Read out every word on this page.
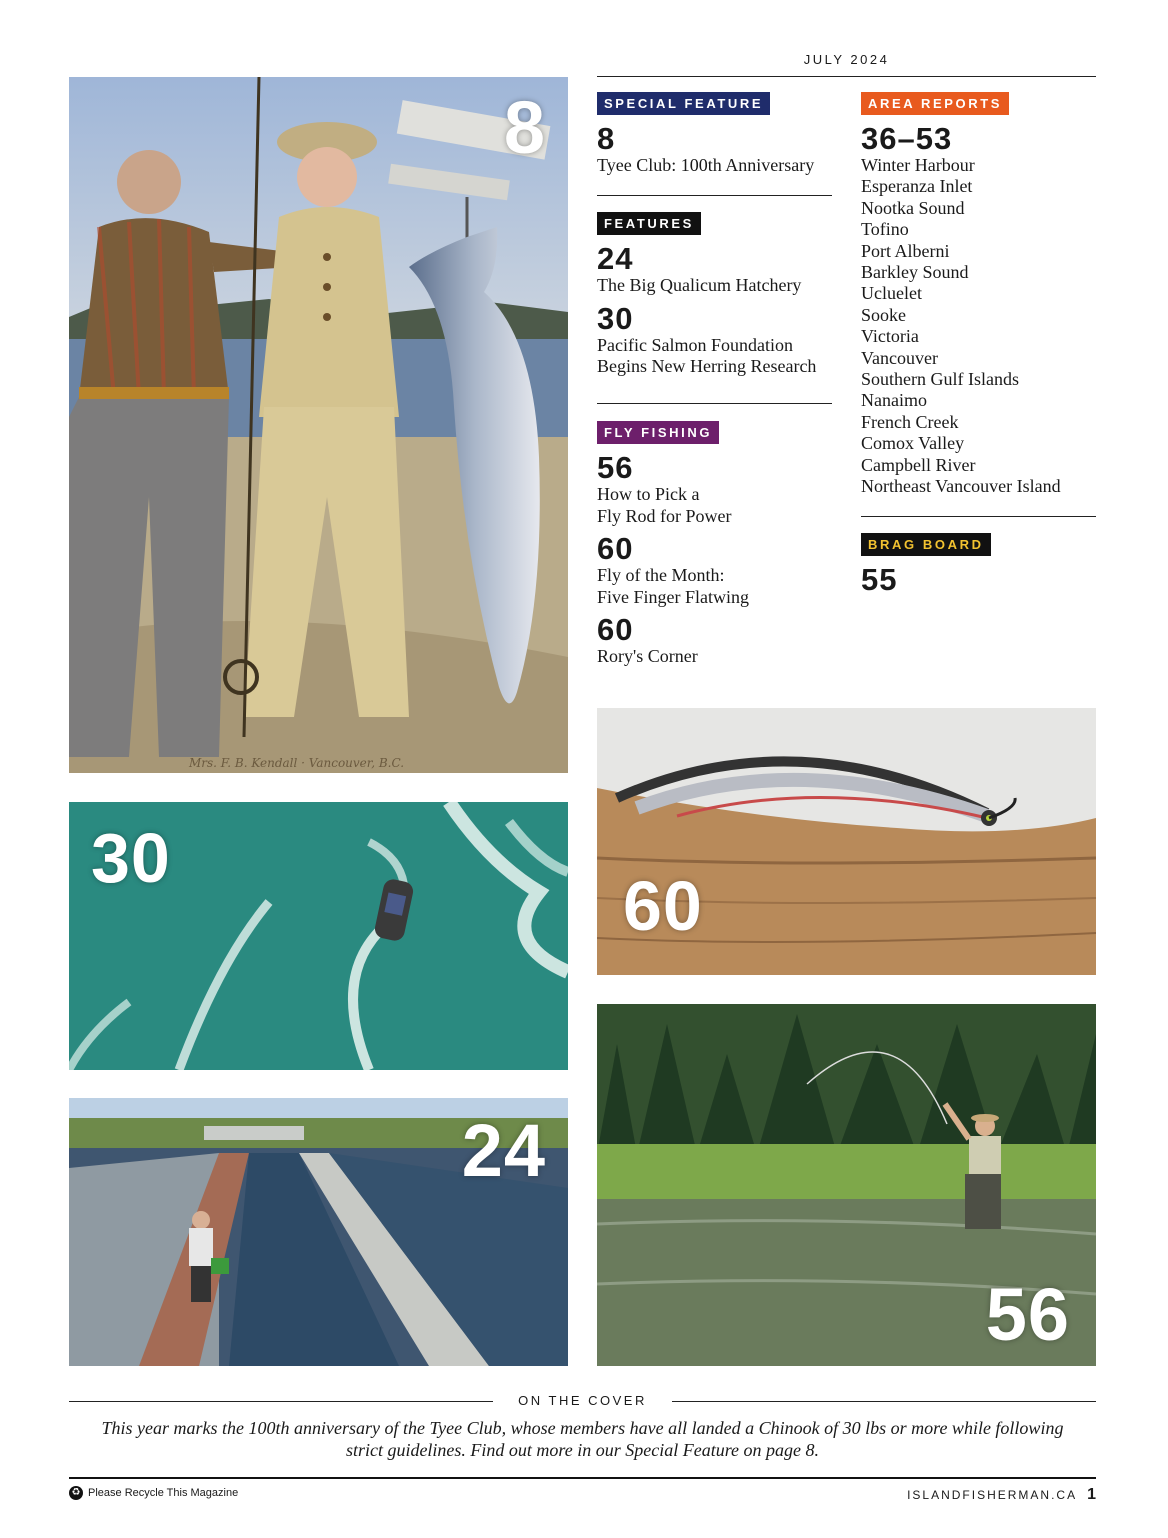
JULY 2024
Mrs. F. B. Kendall · Vancouver, B.C.
8
30
24
SPECIAL FEATURE
8
Tyee Club: 100th Anniversary
FEATURES
24
The Big Qualicum Hatchery
30
Pacific Salmon Foundation
Begins New Herring Research
FLY FISHING
56
How to Pick a
Fly Rod for Power
60
Fly of the Month:
Five Finger Flatwing
60
Rory's Corner
AREA REPORTS
36–53
Winter Harbour
Esperanza Inlet
Nootka Sound
Tofino
Port Alberni
Barkley Sound
Ucluelet
Sooke
Victoria
Vancouver
Southern Gulf Islands
Nanaimo
French Creek
Comox Valley
Campbell River
Northeast Vancouver Island
BRAG BOARD
55
60
56
ON THE COVER
This year marks the 100th anniversary of the Tyee Club, whose members have all landed a Chinook of 30 lbs or more while following strict guidelines. Find out more in our Special Feature on page 8.
♻ Please Recycle This Magazine	ISLANDFISHERMAN.CA 1
